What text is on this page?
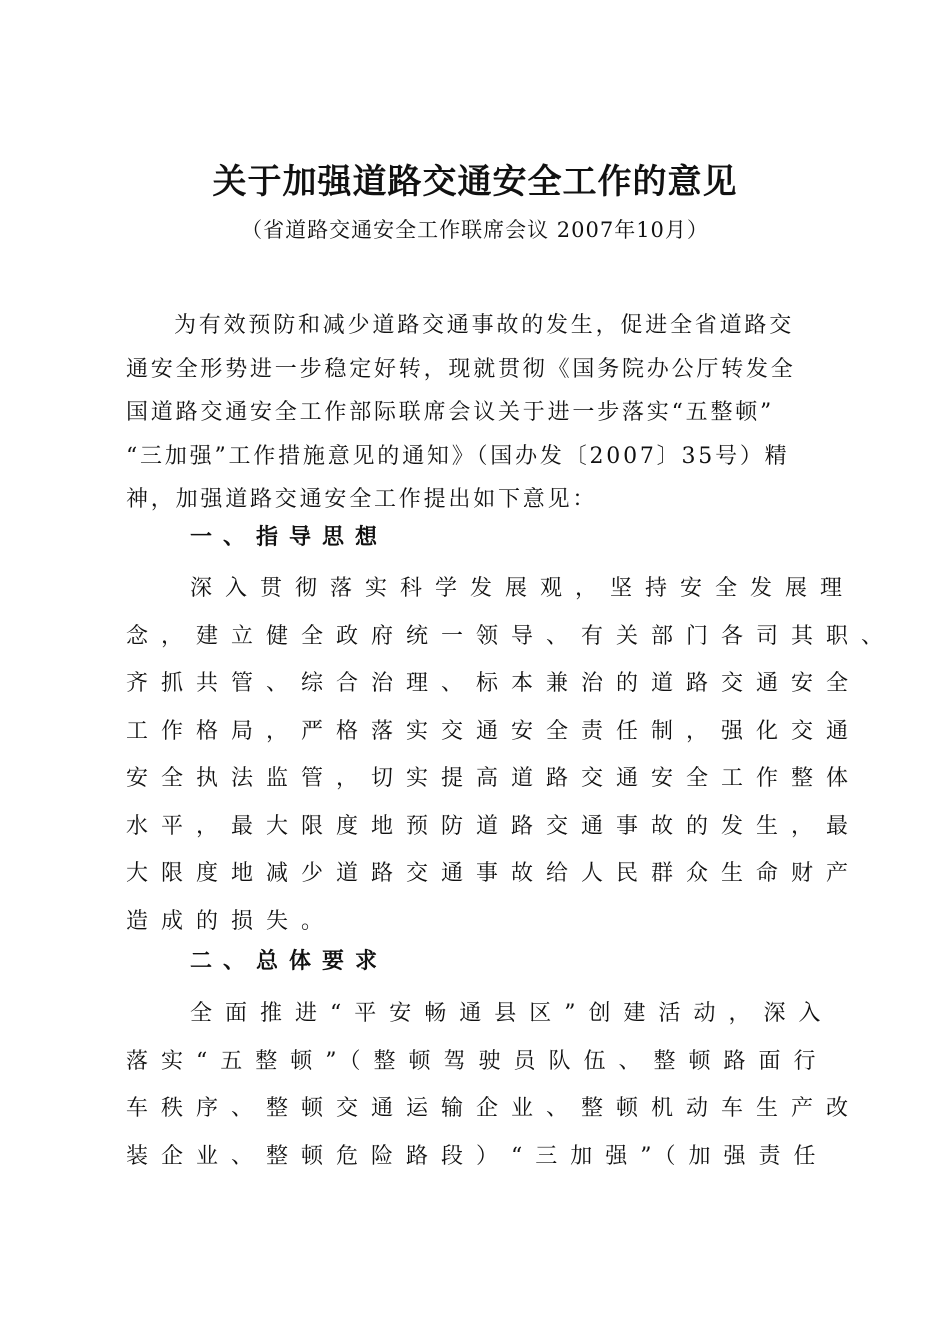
关于加强道路交通安全工作的意见
（省道路交通安全工作联席会议 2007年10月）
为有效预防和减少道路交通事故的发生，促进全省道路交
通安全形势进一步稳定好转，现就贯彻《国务院办公厅转发全
国道路交通安全工作部际联席会议关于进一步落实“五整顿”
“三加强”工作措施意见的通知》（国办发〔2007〕35号）精
神，加强道路交通安全工作提出如下意见：
一、指导思想
深入贯彻落实科学发展观，坚持安全发展理
念，建立健全政府统一领导、有关部门各司其职、
齐抓共管、综合治理、标本兼治的道路交通安全
工作格局，严格落实交通安全责任制，强化交通
安全执法监管，切实提高道路交通安全工作整体
水平，最大限度地预防道路交通事故的发生，最
大限度地减少道路交通事故给人民群众生命财产
造成的损失。
二、总体要求
全面推进“平安畅通县区”创建活动，深入
落实“五整顿”（整顿驾驶员队伍、整顿路面行
车秩序、整顿交通运输企业、整顿机动车生产改
装企业、整顿危险路段）“三加强”（加强责任
